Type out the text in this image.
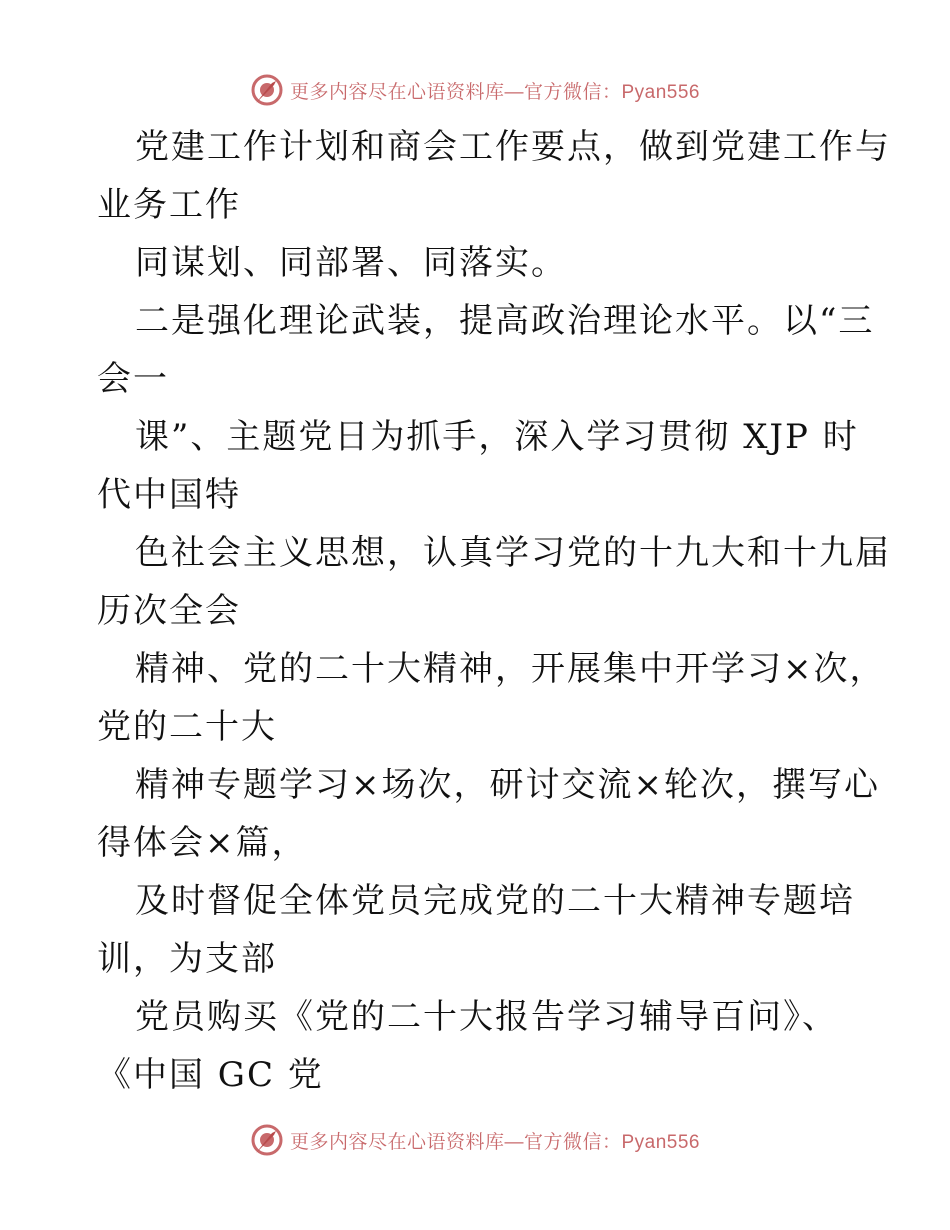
更多内容尽在心语资料库—官方微信：Pyan556
党建工作计划和商会工作要点，做到党建工作与
业务工作
同谋划、同部署、同落实。
二是强化理论武装，提高政治理论水平。以“三
会一
课”、主题党日为抓手，深入学习贯彻 XJP 时
代中国特
色社会主义思想，认真学习党的十九大和十九届
历次全会
精神、党的二十大精神，开展集中开学习×次，
党的二十大
精神专题学习×场次，研讨交流×轮次，撰写心
得体会×篇，
及时督促全体党员完成党的二十大精神专题培
训，为支部
党员购买《党的二十大报告学习辅导百问》、
《中国 GC 党
更多内容尽在心语资料库—官方微信：Pyan556
